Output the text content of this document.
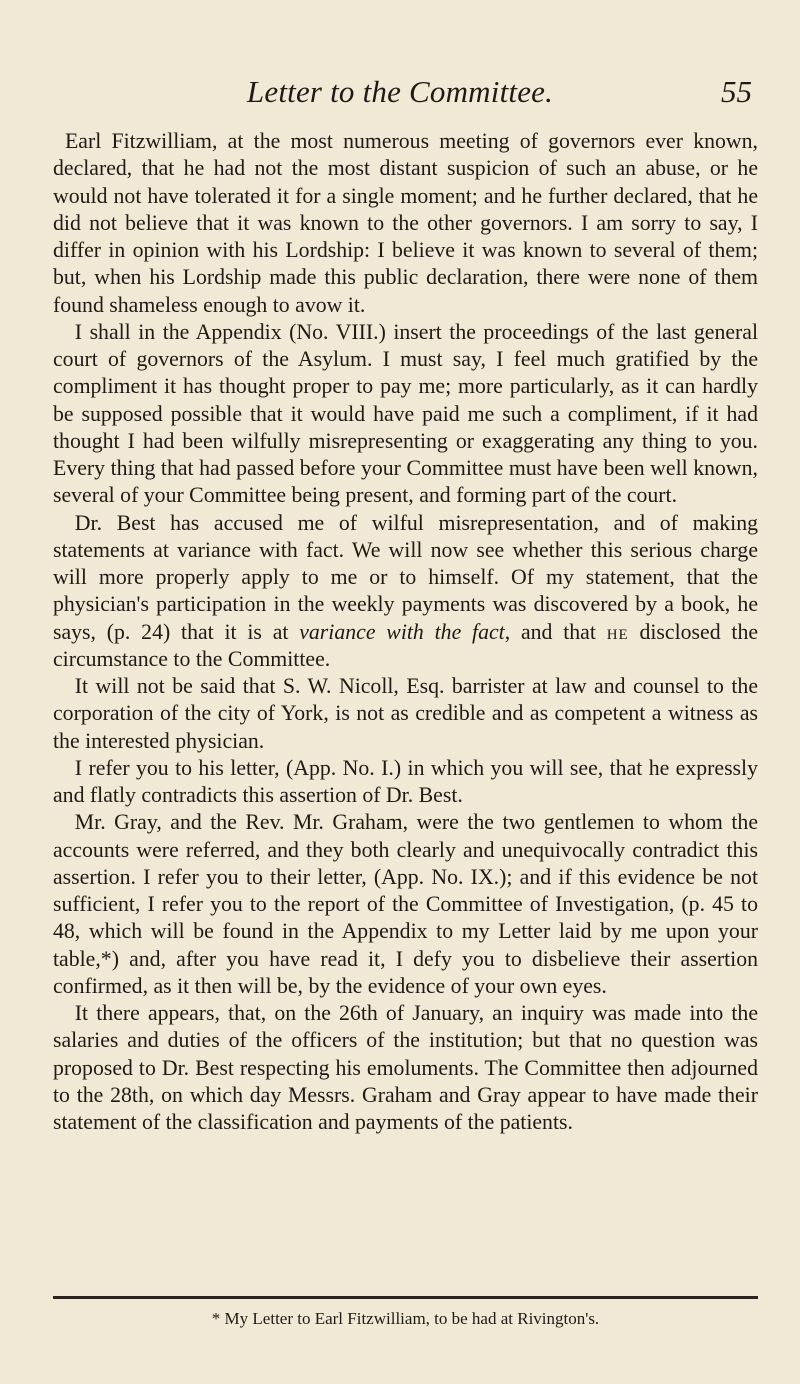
Letter to the Committee.	55

Earl Fitzwilliam, at the most numerous meeting of governors ever known, declared, that he had not the most distant suspicion of such an abuse, or he would not have tolerated it for a single moment; and he further declared, that he did not believe that it was known to the other governors. I am sorry to say, I differ in opinion with his Lordship: I believe it was known to several of them; but, when his Lordship made this public declaration, there were none of them found shameless enough to avow it.

I shall in the Appendix (No. VIII.) insert the proceedings of the last general court of governors of the Asylum. I must say, I feel much gratified by the compliment it has thought proper to pay me; more particularly, as it can hardly be supposed possible that it would have paid me such a compliment, if it had thought I had been wilfully misrepresenting or exaggerating any thing to you. Every thing that had passed before your Committee must have been well known, several of your Committee being present, and forming part of the court.

Dr. Best has accused me of wilful misrepresentation, and of making statements at variance with fact. We will now see whether this serious charge will more properly apply to me or to himself. Of my statement, that the physician's participation in the weekly payments was discovered by a book, he says, (p. 24) that it is at variance with the fact, and that he disclosed the circumstance to the Committee.

It will not be said that S. W. Nicoll, Esq. barrister at law and counsel to the corporation of the city of York, is not as credible and as competent a witness as the interested physician.

I refer you to his letter, (App. No. I.) in which you will see, that he expressly and flatly contradicts this assertion of Dr. Best.

Mr. Gray, and the Rev. Mr. Graham, were the two gentlemen to whom the accounts were referred, and they both clearly and unequivocally contradict this assertion. I refer you to their letter, (App. No. IX.); and if this evidence be not sufficient, I refer you to the report of the Committee of Investigation, (p. 45 to 48, which will be found in the Appendix to my Letter laid by me upon your table,*) and, after you have read it, I defy you to disbelieve their assertion confirmed, as it then will be, by the evidence of your own eyes.

It there appears, that, on the 26th of January, an inquiry was made into the salaries and duties of the officers of the institution; but that no question was proposed to Dr. Best respecting his emoluments. The Committee then adjourned to the 28th, on which day Messrs. Graham and Gray appear to have made their statement of the classification and payments of the patients.

* My Letter to Earl Fitzwilliam, to be had at Rivington's.
